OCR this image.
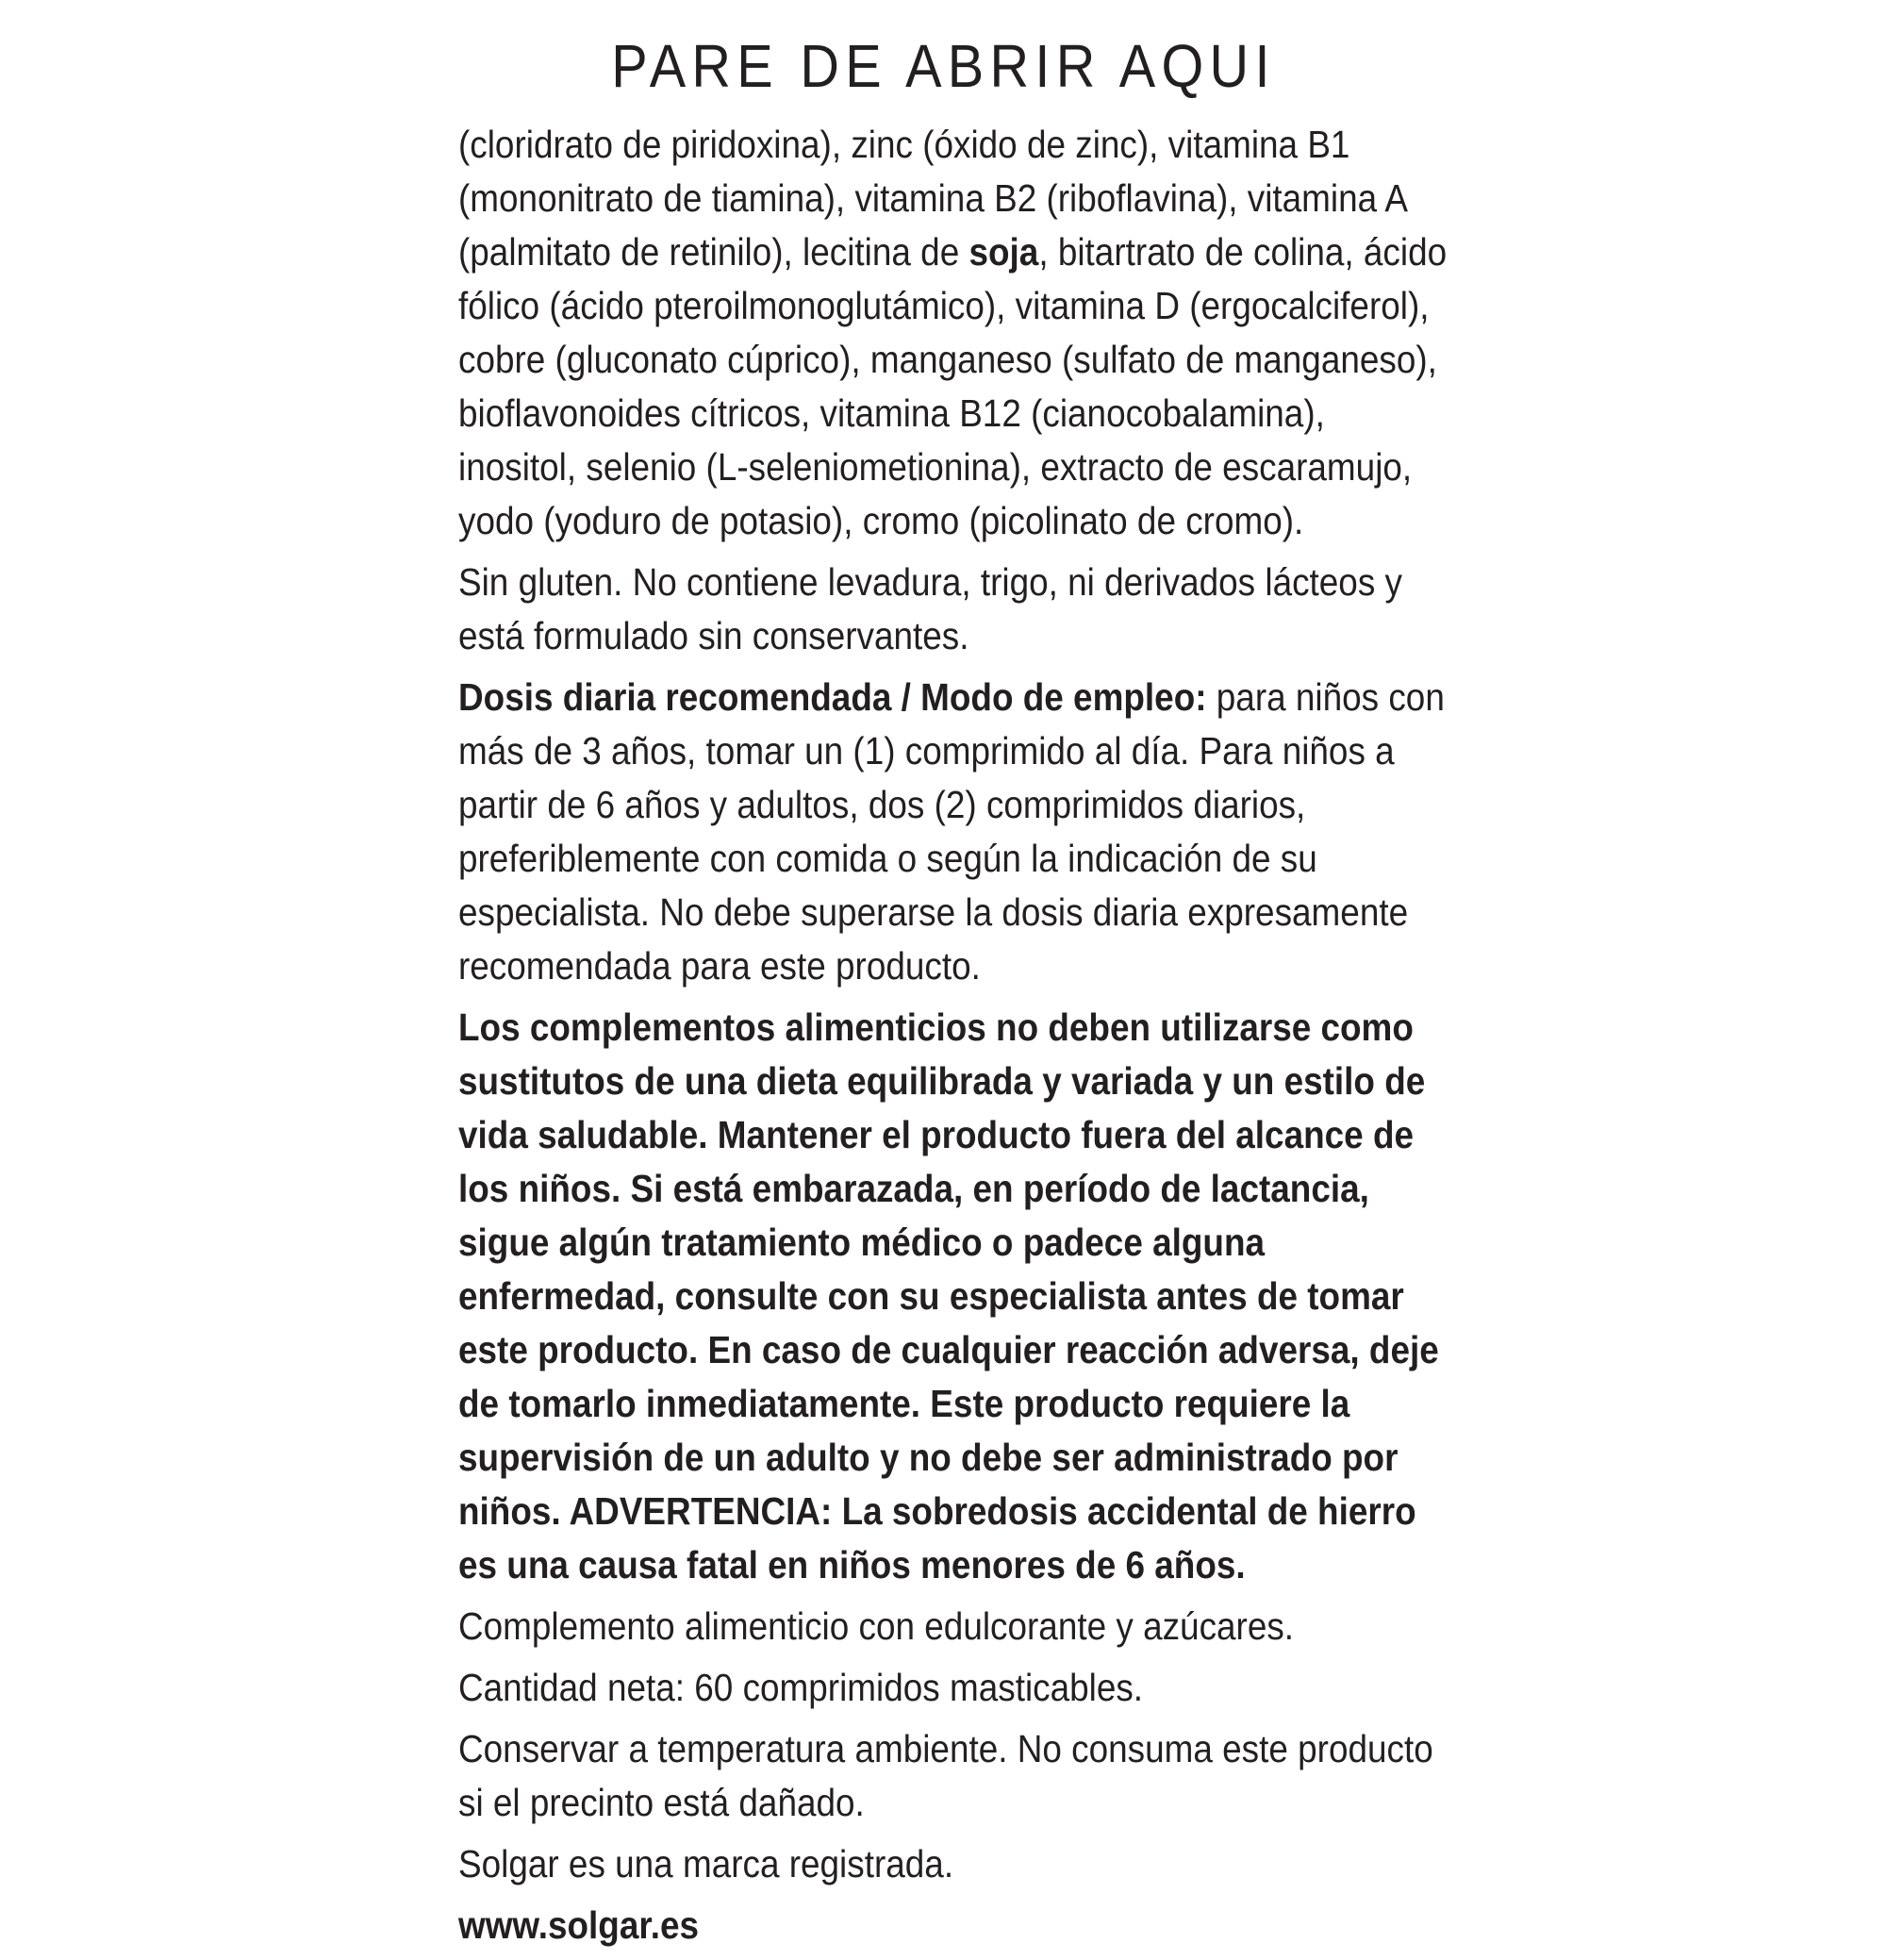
PARE DE ABRIR AQUI

(cloridrato de piridoxina), zinc (óxido de zinc), vitamina B1 (mononitrato de tiamina), vitamina B2 (riboflavina), vitamina A (palmitato de retinilo), lecitina de soja, bitartrato de colina, ácido fólico (ácido pteroilmonoglutámico), vitamina D (ergocalciferol), cobre (gluconato cúprico), manganeso (sulfato de manganeso), bioflavonoides cítricos, vitamina B12 (cianocobalamina), inositol, selenio (L-seleniometionina), extracto de escaramujo, yodo (yoduro de potasio), cromo (picolinato de cromo).

Sin gluten. No contiene levadura, trigo, ni derivados lácteos y está formulado sin conservantes.

Dosis diaria recomendada / Modo de empleo: para niños con más de 3 años, tomar un (1) comprimido al día. Para niños a partir de 6 años y adultos, dos (2) comprimidos diarios, preferiblemente con comida o según la indicación de su especialista. No debe superarse la dosis diaria expresamente recomendada para este producto.

Los complementos alimenticios no deben utilizarse como sustitutos de una dieta equilibrada y variada y un estilo de vida saludable. Mantener el producto fuera del alcance de los niños. Si está embarazada, en período de lactancia, sigue algún tratamiento médico o padece alguna enfermedad, consulte con su especialista antes de tomar este producto. En caso de cualquier reacción adversa, deje de tomarlo inmediatamente. Este producto requiere la supervisión de un adulto y no debe ser administrado por niños. ADVERTENCIA: La sobredosis accidental de hierro es una causa fatal en niños menores de 6 años.

Complemento alimenticio con edulcorante y azúcares.

Cantidad neta: 60 comprimidos masticables.

Conservar a temperatura ambiente. No consuma este producto si el precinto está dañado.

Solgar es una marca registrada.

www.solgar.es
